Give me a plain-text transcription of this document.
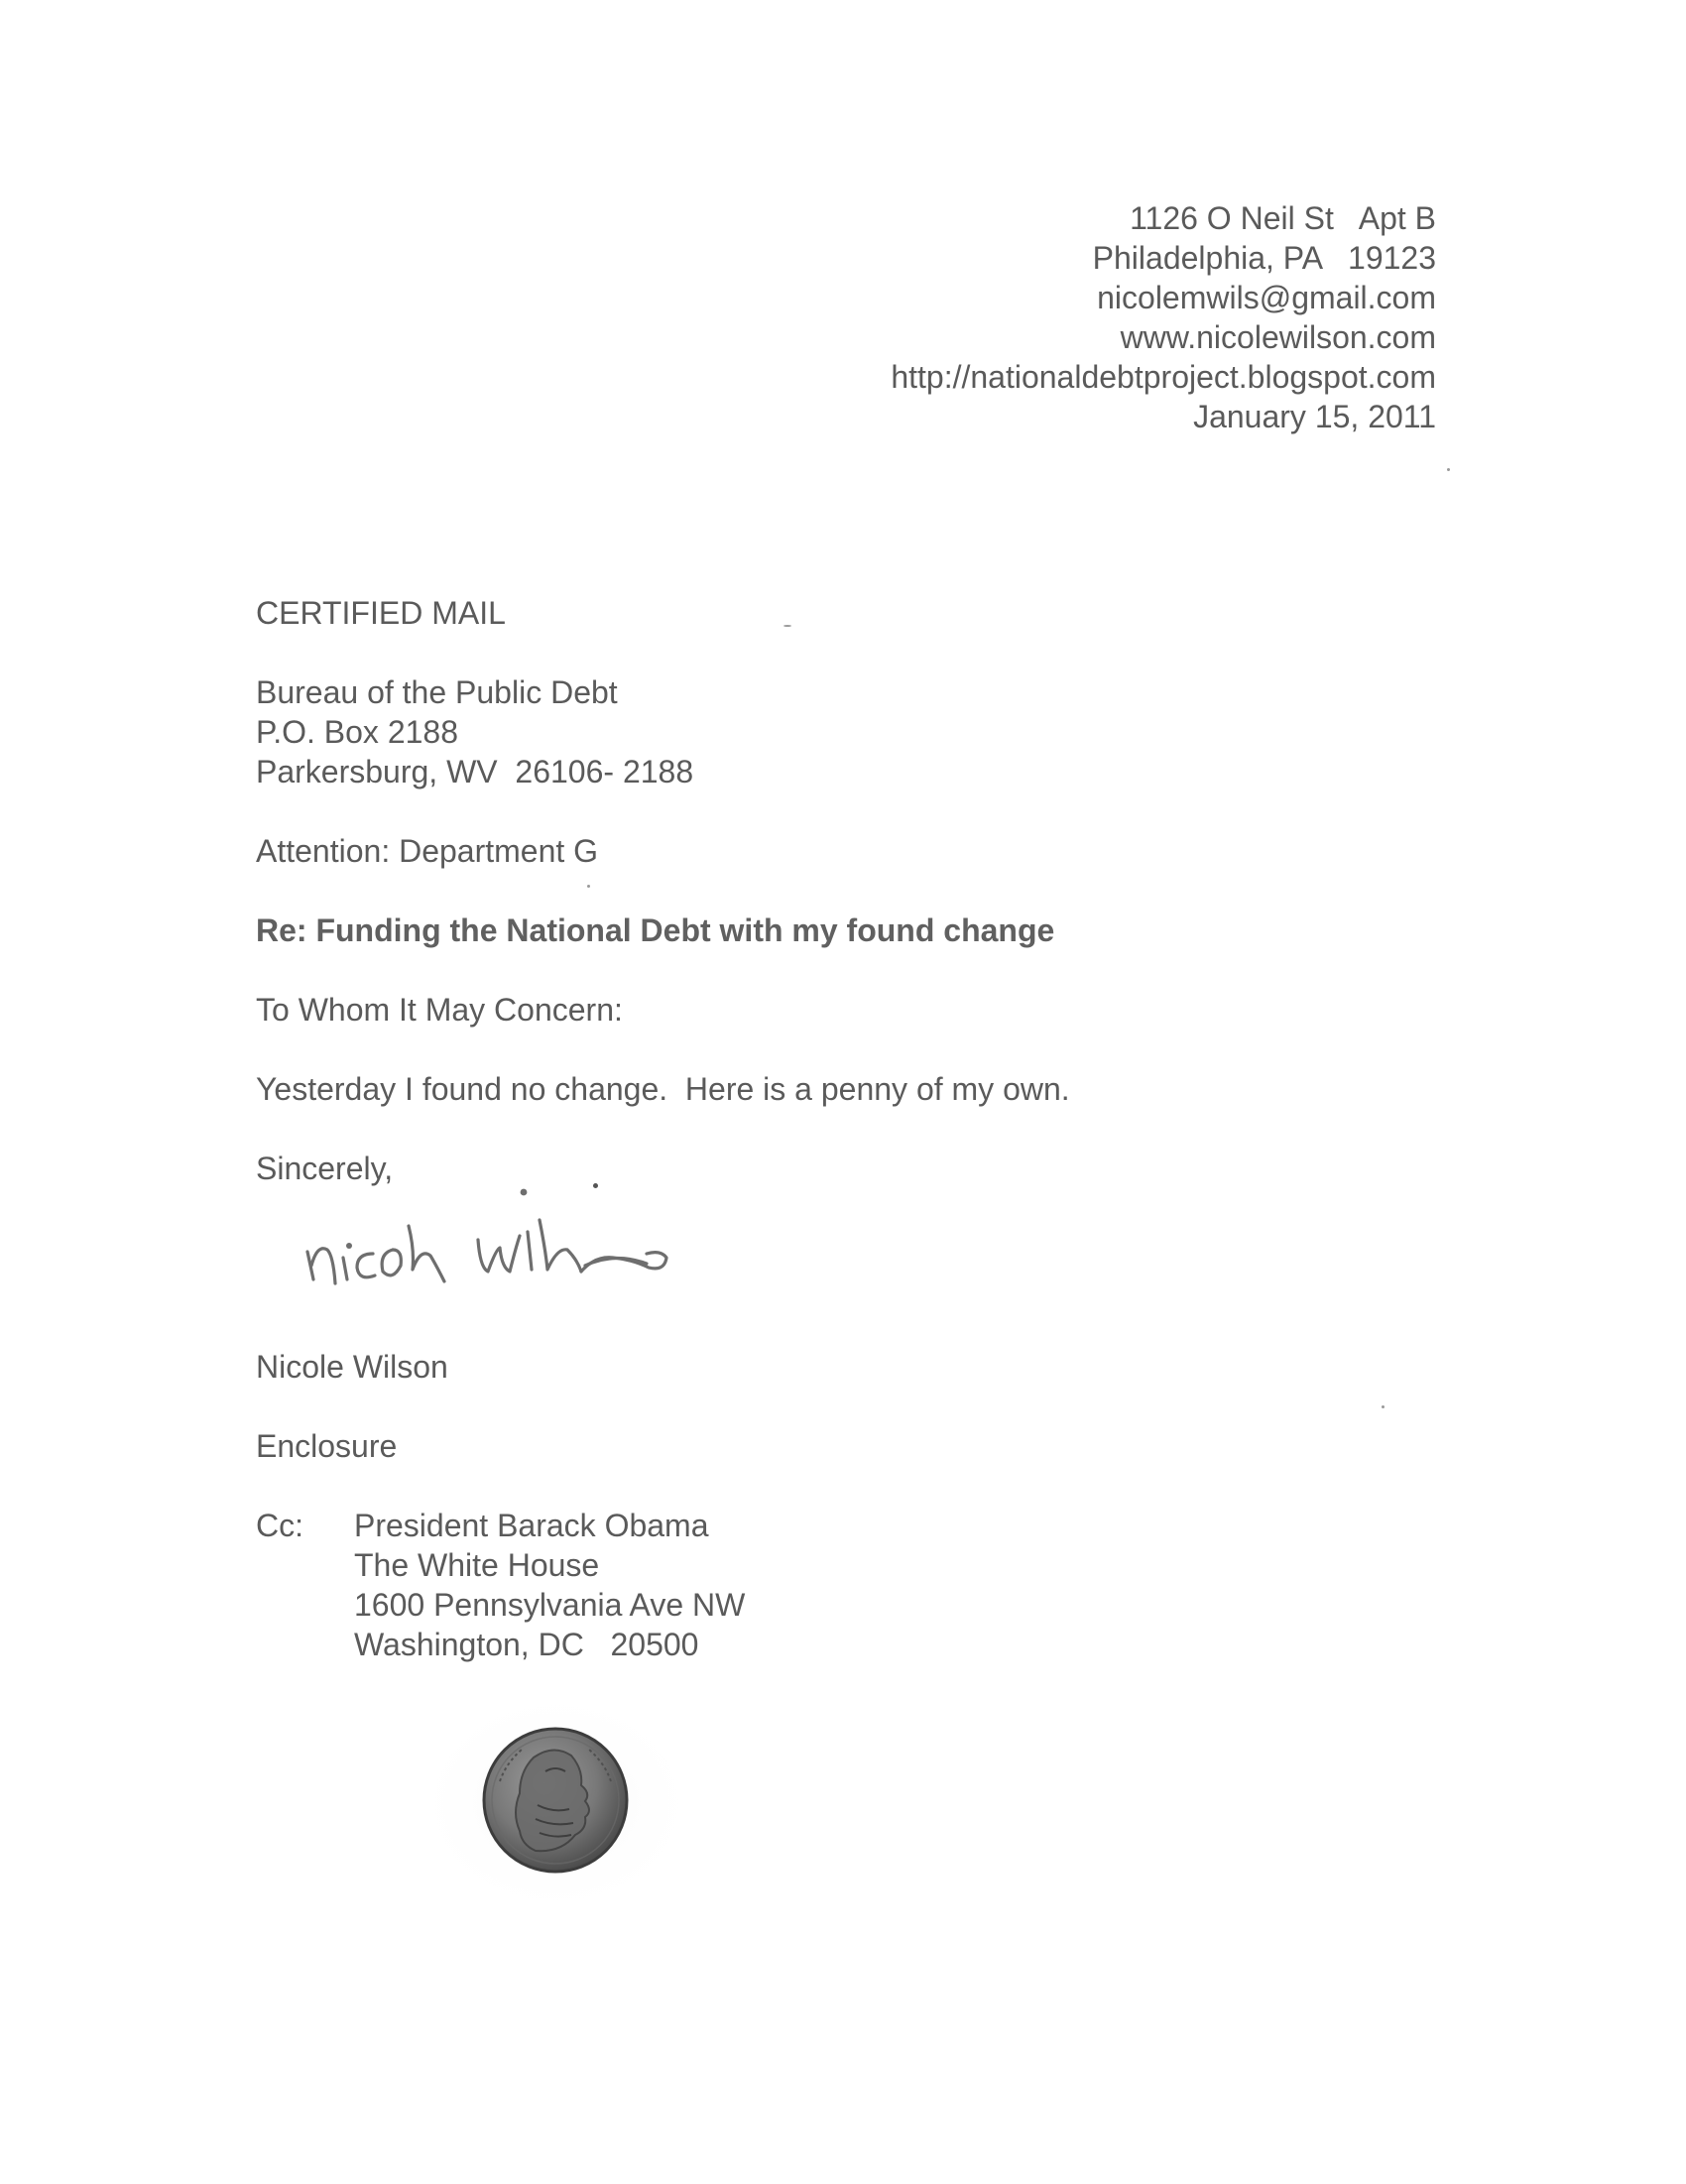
1126 O Neil St   Apt B
Philadelphia, PA   19123
nicolemwils@gmail.com
www.nicolewilson.com
http://nationaldebtproject.blogspot.com
January 15, 2011
CERTIFIED MAIL
Bureau of the Public Debt
P.O. Box 2188
Parkersburg, WV  26106- 2188
Attention: Department G
Re: Funding the National Debt with my found change
To Whom It May Concern:
Yesterday I found no change.  Here is a penny of my own.
Sincerely,
Nicole Wilson
Enclosure
Cc: President Barack Obama
The White House
1600 Pennsylvania Ave NW
Washington, DC   20500
